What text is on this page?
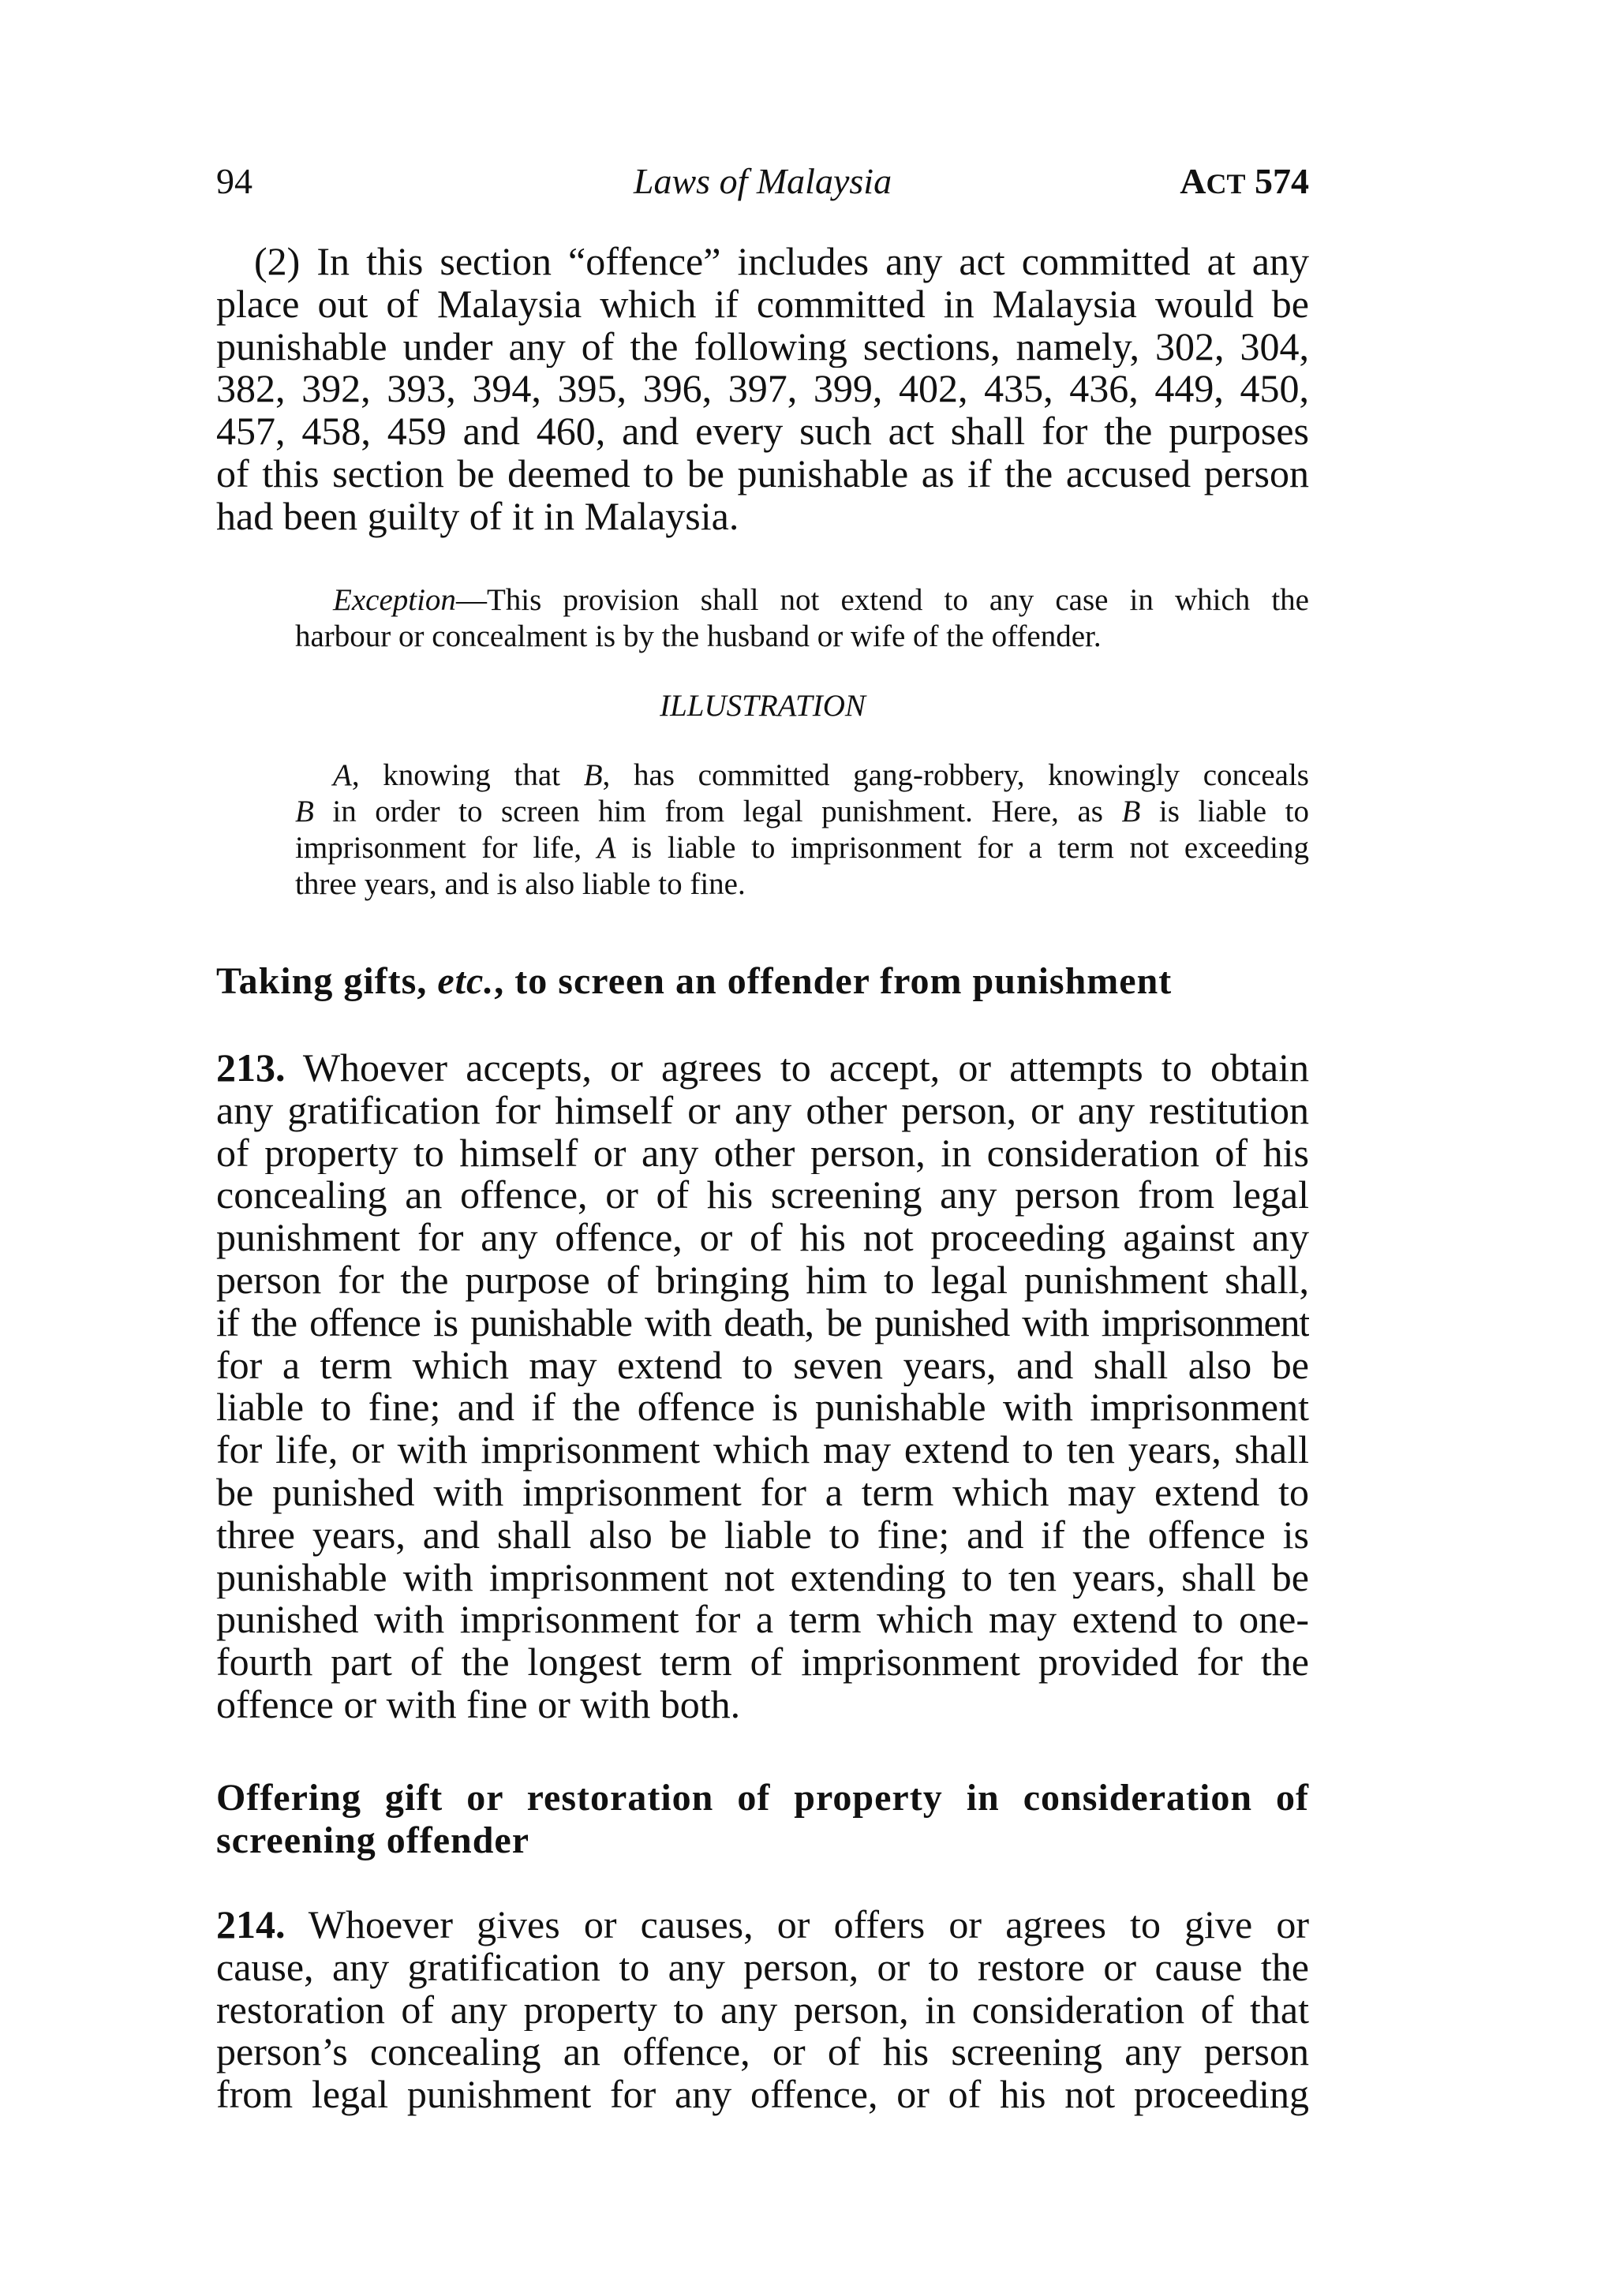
94	Laws of Malaysia	ACT 574
(2) In this section “offence” includes any act committed at any
place out of Malaysia which if committed in Malaysia would be
punishable under any of the following sections, namely, 302, 304,
382, 392, 393, 394, 395, 396, 397, 399, 402, 435, 436, 449, 450,
457, 458, 459 and 460, and every such act shall for the purposes
of this section be deemed to be punishable as if the accused person
had been guilty of it in Malaysia.
Exception—This provision shall not extend to any case in which the
harbour or concealment is by the husband or wife of the offender.
ILLUSTRATION
A, knowing that B, has committed gang-robbery, knowingly conceals
B in order to screen him from legal punishment. Here, as B is liable to
imprisonment for life, A is liable to imprisonment for a term not exceeding
three years, and is also liable to fine.
Taking gifts, etc., to screen an offender from punishment
213. Whoever accepts, or agrees to accept, or attempts to obtain
any gratification for himself or any other person, or any restitution
of property to himself or any other person, in consideration of his
concealing an offence, or of his screening any person from legal
punishment for any offence, or of his not proceeding against any
person for the purpose of bringing him to legal punishment shall,
if the offence is punishable with death, be punished with imprisonment
for a term which may extend to seven years, and shall also be
liable to fine; and if the offence is punishable with imprisonment
for life, or with imprisonment which may extend to ten years, shall
be punished with imprisonment for a term which may extend to
three years, and shall also be liable to fine; and if the offence is
punishable with imprisonment not extending to ten years, shall be
punished with imprisonment for a term which may extend to one-
fourth part of the longest term of imprisonment provided for the
offence or with fine or with both.
Offering gift or restoration of property in consideration of
screening offender
214. Whoever gives or causes, or offers or agrees to give or
cause, any gratification to any person, or to restore or cause the
restoration of any property to any person, in consideration of that
person’s concealing an offence, or of his screening any person
from legal punishment for any offence, or of his not proceeding
